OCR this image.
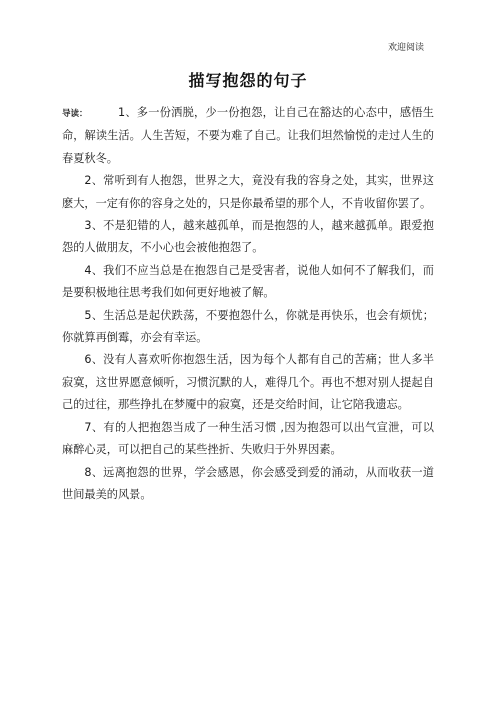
欢迎阅读
描写抱怨的句子

导读：	1、多一份洒脱，少一份抱怨，让自己在豁达的心态中，感悟生命，解读生活。人生苦短，不要为难了自己。让我们坦然愉悦的走过人生的春夏秋冬。

2、常听到有人抱怨，世界之大，竟没有我的容身之处，其实，世界这麽大，一定有你的容身之处的，只是你最希望的那个人，不肯收留你罢了。

3、不是犯错的人，越来越孤单，而是抱怨的人，越来越孤单。跟爱抱怨的人做朋友，不小心也会被他抱怨了。

4、我们不应当总是在抱怨自己是受害者，说他人如何不了解我们，而是要积极地往思考我们如何更好地被了解。

5、生活总是起伏跌荡，不要抱怨什么，你就是再快乐，也会有烦忧；你就算再倒霉，亦会有幸运。

6、没有人喜欢听你抱怨生活，因为每个人都有自己的苦痛；世人多半寂寞，这世界愿意倾听，习惯沉默的人，难得几个。再也不想对别人提起自己的过往，那些挣扎在梦魇中的寂寞，还是交给时间，让它陪我遗忘。

7、有的人把抱怨当成了一种生活习惯 ,因为抱怨可以出气宣泄，可以麻醉心灵，可以把自己的某些挫折、失败归于外界因素。

8、远离抱怨的世界，学会感恩，你会感受到爱的涌动，从而收获一道世间最美的风景。
